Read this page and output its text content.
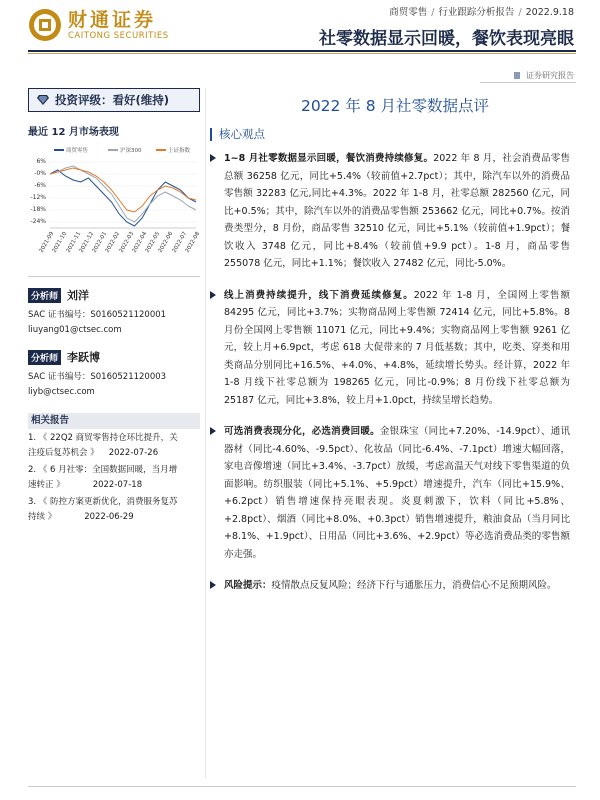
财通证券
CAITONG SECURITIES
商贸零售 / 行业跟踪分析报告 / 2022.9.18
社零数据显示回暖，餐饮表现亮眼
证券研究报告
投资评级：看好(维持)
最近 12 月市场表现
商贸零售	沪深300	上证指数
6%
-0%
-6%
-12%
-18%
-24%
2021-09
2021-10
2021-11
2021-12
2022-01
2022-02
2022-03
2022-04
2022-05
2022-06
2022-07
2022-08
分析师 刘洋
SAC 证书编号：S0160521120001
liuyang01@ctsec.com
分析师 李跃博
SAC 证书编号：S0160521120003
liyb@ctsec.com
相关报告
1. 《 22Q2 商贸零售持仓环比提升，关
注疫后复苏机会 》 2022-07-26
2. 《 6 月社零：全国数据回暖，当月增
速转正 》	2022-07-18
3. 《 防控方案更新优化，消费服务复苏
持续 》	2022-06-29
2022 年 8 月社零数据点评
核心观点
1~8 月社零数据显示回暖，餐饮消费持续修复。2022 年 8 月，社会消费品零售总额 36258 亿元，同比+5.4%（较前值+2.7pct）；其中，除汽车以外的消费品零售额 32283 亿元,同比+4.3%。2022 年 1-8 月，社零总额 282560 亿元，同比+0.5%；其中，除汽车以外的消费品零售额 253662 亿元，同比+0.7%。按消费类型分，8 月份，商品零售 32510 亿元，同比+5.1%（较前值+1.9pct）；餐饮收入 3748 亿元，同比+8.4%（较前值+9.9 pct）。1-8 月，商品零售 255078 亿元，同比+1.1%；餐饮收入 27482 亿元，同比-5.0%。
线上消费持续提升，线下消费延续修复。2022 年 1-8 月，全国网上零售额 84295 亿元，同比+3.7%；实物商品网上零售额 72414 亿元，同比+5.8%。8 月份全国网上零售额 11071 亿元，同比+9.4%；实物商品网上零售额 9261 亿元，较上月+6.9pct，考虑 618 大促带来的 7 月低基数；其中，吃类、穿类和用类商品分别同比+16.5%、+4.0%、+4.8%，延续增长势头。经计算，2022 年 1-8 月线下社零总额为 198265 亿元，同比-0.9%；8 月份线下社零总额为 25187 亿元，同比+3.8%，较上月+1.0pct，持续呈增长趋势。
可选消费表现分化，必选消费回暖。金银珠宝（同比+7.20%、-14.9pct）、通讯器材（同比-4.60%、-9.5pct）、化妆品（同比-6.4%、-7.1pct）增速大幅回落，家电音像增速（同比+3.4%、-3.7pct）放缓，考虑高温天气对线下零售渠道的负面影响。纺织服装（同比+5.1%、+5.9pct）增速提升，汽车（同比+15.9%、 +6.2pct）销售增速保持亮眼表现。炎夏刺激下，饮料（同比+5.8%、+2.8pct）、烟酒（同比+8.0%、+0.3pct）销售增速提升，粮油食品（当月同比+8.1%、+1.9pct）、日用品（同比+3.6%、+2.9pct）等必选消费品类的零售额亦走强。
风险提示：疫情散点反复风险；经济下行与通胀压力，消费信心不足预期风险。
